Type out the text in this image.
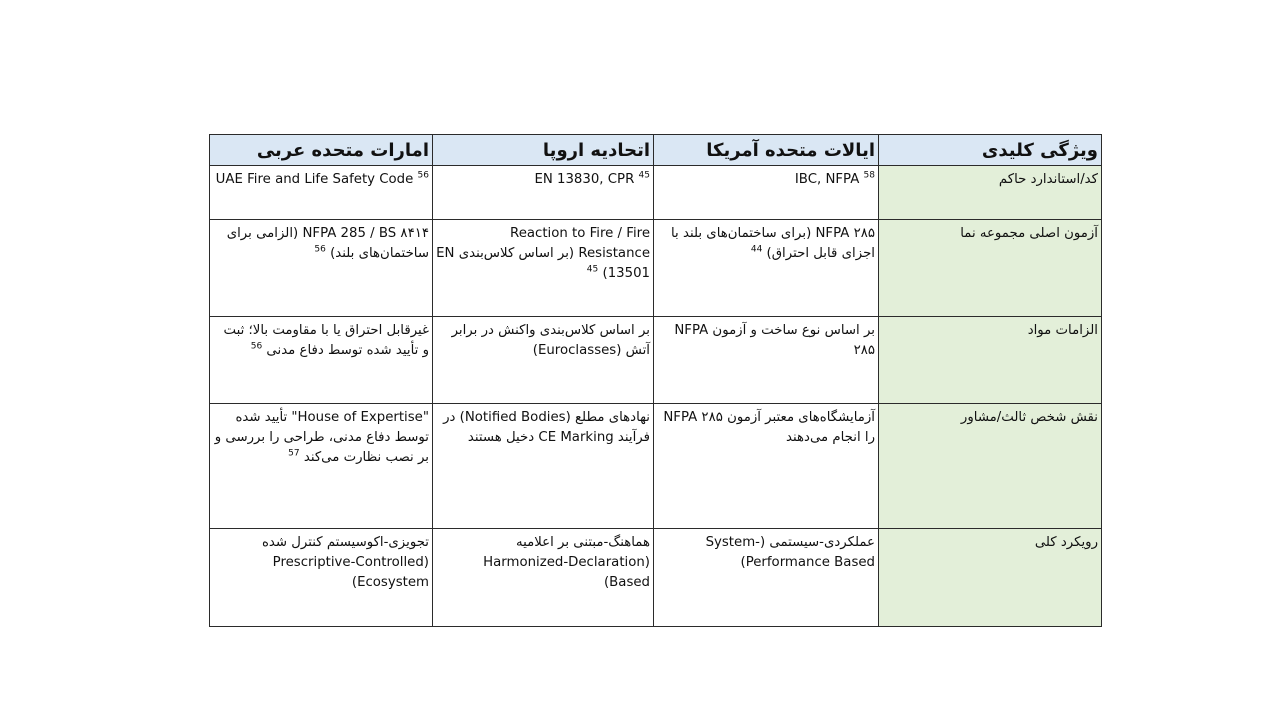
ویژگی کلیدی	ایالات متحده آمریکا	اتحادیه اروپا	امارات متحده عربی
کد/استاندارد حاکم	IBC, NFPA $^{58}$	EN 13830, CPR $^{45}$	UAE Fire and Life Safety Code $^{56}$
آزمون اصلی مجموعه نما	NFPA ۲۸۵ (برای ساختمان‌های بلند با اجزای قابل احتراق) $^{44}$	Reaction to Fire / Fire Resistance (بر اساس کلاس‌بندی EN 13501) $^{45}$	NFPA 285 / BS ۸۴۱۴ (الزامی برای ساختمان‌های بلند) $^{56}$
الزامات مواد	بر اساس نوع ساخت و آزمون NFPA ۲۸۵	بر اساس کلاس‌بندی واکنش در برابر آتش (Euroclasses)	غیرقابل احتراق یا با مقاومت بالا؛ ثبت و تأیید شده توسط دفاع مدنی $^{56}$
نقش شخص ثالث/مشاور	آزمایشگاه‌های معتبر آزمون NFPA ۲۸۵ را انجام می‌دهند	نهادهای مطلع (Notified Bodies) در فرآیند CE Marking دخیل هستند	"House of Expertise" تأیید شده توسط دفاع مدنی، طراحی را بررسی و بر نصب نظارت می‌کند $^{57}$
رویکرد کلی	عملکردی-سیستمی (System-Performance Based)	هماهنگ-مبتنی بر اعلامیه (Harmonized-Declaration Based)	تجویزی-اکوسیستم کنترل شده (Prescriptive-Controlled Ecosystem)
